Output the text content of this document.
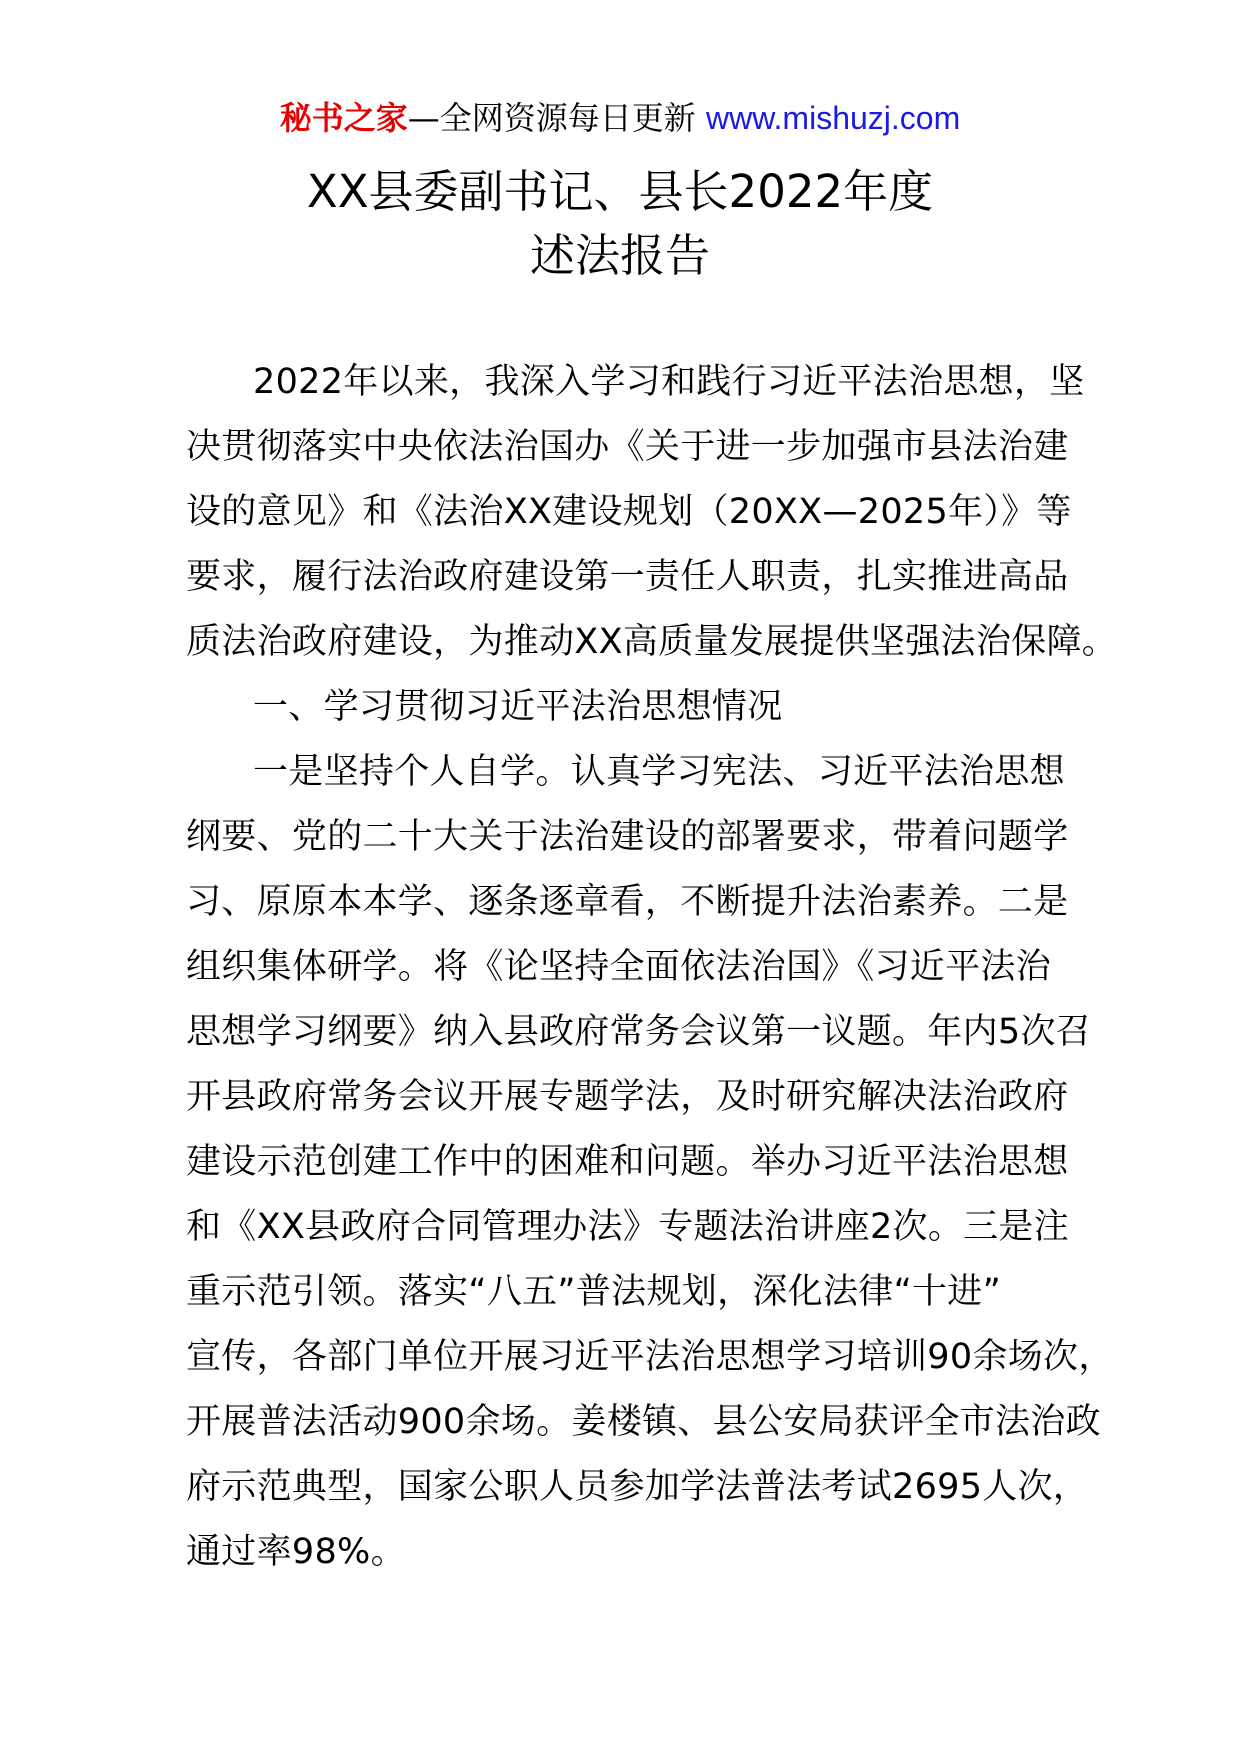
秘书之家—全网资源每日更新 www.mishuzj.com
XX县委副书记、县长2022年度
述法报告
2022年以来，我深入学习和践行习近平法治思想，坚
决贯彻落实中央依法治国办《关于进一步加强市县法治建
设的意见》和《法治XX建设规划（20XX—2025年）》等
要求，履行法治政府建设第一责任人职责，扎实推进高品
质法治政府建设，为推动XX高质量发展提供坚强法治保障。
一、学习贯彻习近平法治思想情况
一是坚持个人自学。认真学习宪法、习近平法治思想
纲要、党的二十大关于法治建设的部署要求，带着问题学
习、原原本本学、逐条逐章看，不断提升法治素养。二是
组织集体研学。将《论坚持全面依法治国》《习近平法治
思想学习纲要》纳入县政府常务会议第一议题。年内5次召
开县政府常务会议开展专题学法，及时研究解决法治政府
建设示范创建工作中的困难和问题。举办习近平法治思想
和《XX县政府合同管理办法》专题法治讲座2次。三是注
重示范引领。落实“八五”普法规划，深化法律“十进”
宣传，各部门单位开展习近平法治思想学习培训90余场次，
开展普法活动900余场。姜楼镇、县公安局获评全市法治政
府示范典型，国家公职人员参加学法普法考试2695人次，
通过率98%。
